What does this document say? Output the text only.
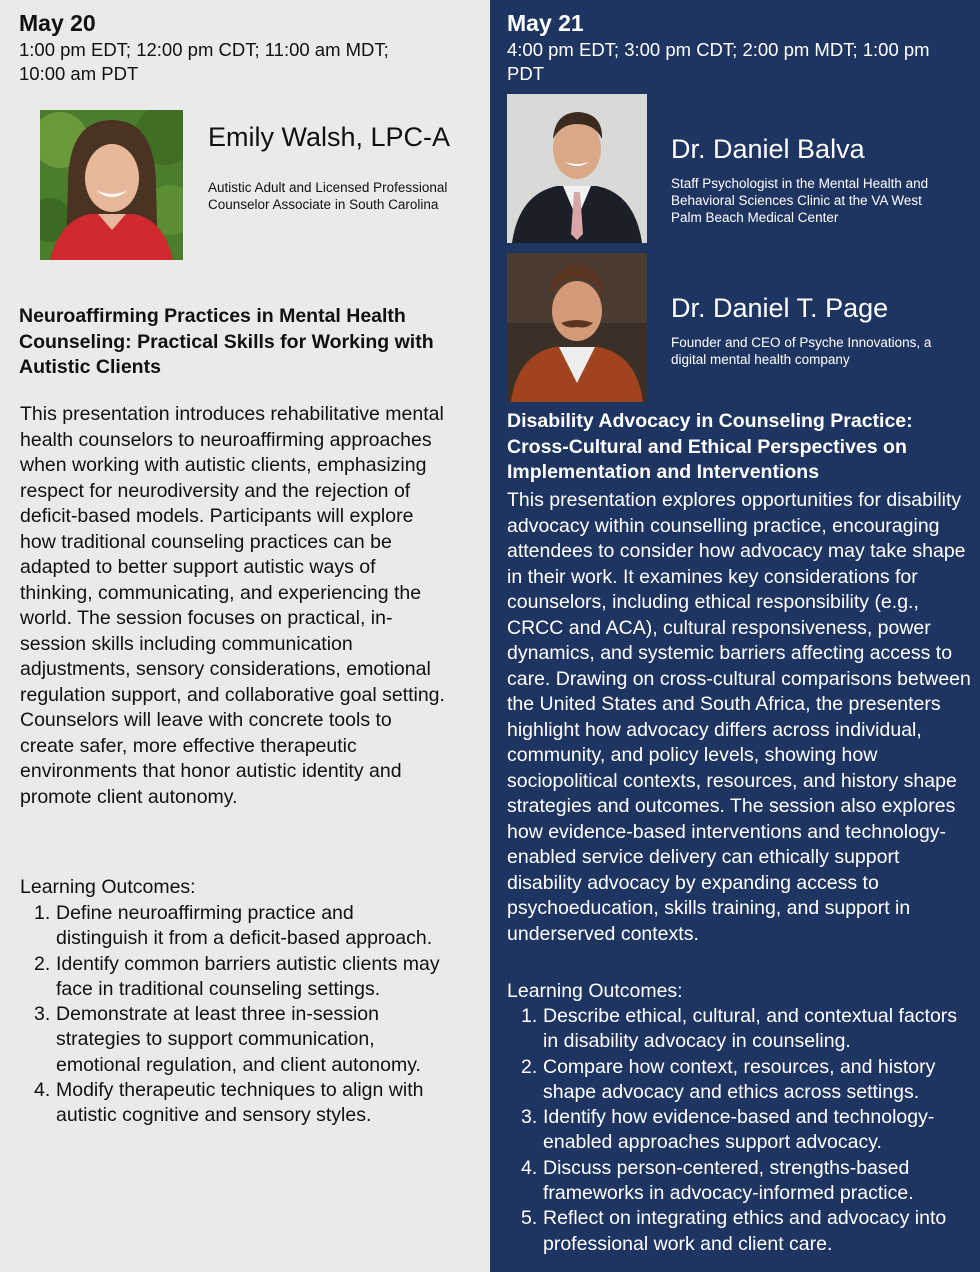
May 20
1:00 pm EDT; 12:00 pm CDT; 11:00 am MDT; 10:00 am PDT
Emily Walsh, LPC-A
Autistic Adult and Licensed Professional Counselor Associate in South Carolina
Neuroaffirming Practices in Mental Health Counseling: Practical Skills for Working with Autistic Clients
This presentation introduces rehabilitative mental health counselors to neuroaffirming approaches when working with autistic clients, emphasizing respect for neurodiversity and the rejection of deficit-based models. Participants will explore how traditional counseling practices can be adapted to better support autistic ways of thinking, communicating, and experiencing the world. The session focuses on practical, in-session skills including communication adjustments, sensory considerations, emotional regulation support, and collaborative goal setting. Counselors will leave with concrete tools to create safer, more effective therapeutic environments that honor autistic identity and promote client autonomy.
Learning Outcomes:
1. Define neuroaffirming practice and distinguish it from a deficit-based approach.
2. Identify common barriers autistic clients may face in traditional counseling settings.
3. Demonstrate at least three in-session strategies to support communication, emotional regulation, and client autonomy.
4. Modify therapeutic techniques to align with autistic cognitive and sensory styles.
May 21
4:00 pm EDT; 3:00 pm CDT; 2:00 pm MDT; 1:00 pm PDT
Dr. Daniel Balva
Staff Psychologist in the Mental Health and Behavioral Sciences Clinic at the VA West Palm Beach Medical Center
Dr. Daniel T. Page
Founder and CEO of Psyche Innovations, a digital mental health company
Disability Advocacy in Counseling Practice: Cross-Cultural and Ethical Perspectives on Implementation and Interventions
This presentation explores opportunities for disability advocacy within counselling practice, encouraging attendees to consider how advocacy may take shape in their work. It examines key considerations for counselors, including ethical responsibility (e.g., CRCC and ACA), cultural responsiveness, power dynamics, and systemic barriers affecting access to care. Drawing on cross-cultural comparisons between the United States and South Africa, the presenters highlight how advocacy differs across individual, community, and policy levels, showing how sociopolitical contexts, resources, and history shape strategies and outcomes. The session also explores how evidence-based interventions and technology-enabled service delivery can ethically support disability advocacy by expanding access to psychoeducation, skills training, and support in underserved contexts.
Learning Outcomes:
1. Describe ethical, cultural, and contextual factors in disability advocacy in counseling.
2. Compare how context, resources, and history shape advocacy and ethics across settings.
3. Identify how evidence-based and technology-enabled approaches support advocacy.
4. Discuss person-centered, strengths-based frameworks in advocacy-informed practice.
5. Reflect on integrating ethics and advocacy into professional work and client care.
